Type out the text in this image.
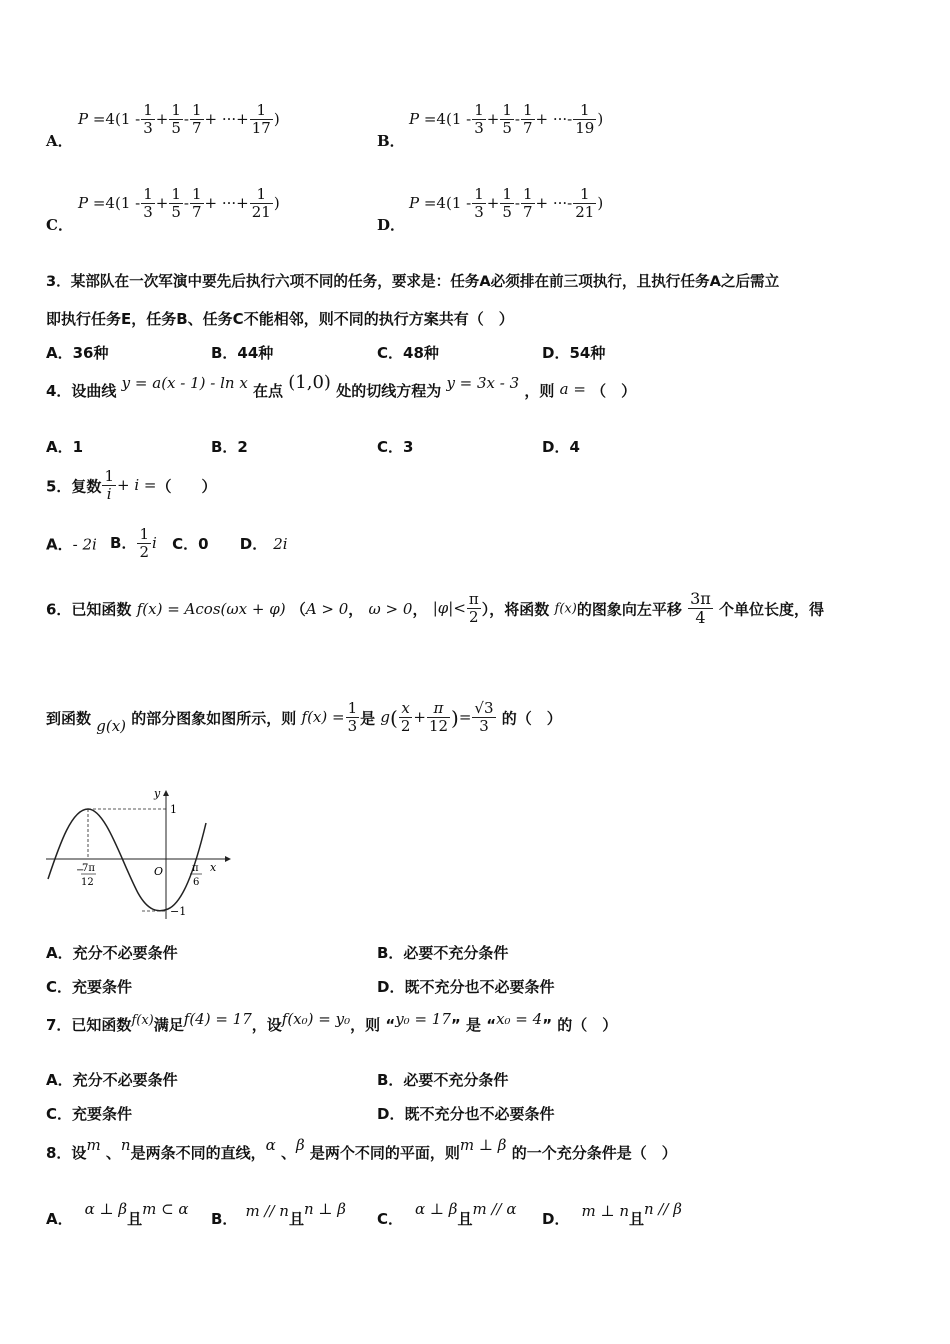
A．
$P =4(1 - \frac{1}{3} + \frac{1}{5} - \frac{1}{7}$ + ···+ $\frac{1}{17}$ )
B．
$P =4(1 - \frac{1}{3} + \frac{1}{5} - \frac{1}{7}$ + ···- $\frac{1}{19}$ )
C．
$P =4(1 - \frac{1}{3} + \frac{1}{5} - \frac{1}{7}$ + ···+ $\frac{1}{21}$ )
D．
$P =4(1 - \frac{1}{3} + \frac{1}{5} - \frac{1}{7}$ + ···- $\frac{1}{21}$ )
3．某部队在一次军演中要先后执行六项不同的任务，要求是：任务A必须排在前三项执行，且执行任务A之后需立
即执行任务E，任务B、任务C不能相邻，则不同的执行方案共有（　）
A．36种	B．44种	C．48种	D．54种
4．设曲线 y = a(x - 1) - ln x 在点 (1,0) 处的切线方程为 y = 3x - 3 ，则 a = （　）
A．1	B．2	C．3	D．4
5．复数 $\frac{1}{i} + i$ =（　　）
A．- 2i B． $\frac{1}{2}$ i C．0 D． 2i
6．已知函数 f(x) = Acos(ωx + φ) （A > 0， ω > 0， $|\varphi|< \frac{\pi}{2}$ ），将函数 f(x)的图象向左平移 $\frac{3\pi}{4}$ 个单位长度，得
到函数 g(x) 的部分图象如图所示，则 $f(x) = \frac{1}{3}$ 是 $g( \frac{x}{2} + \frac{\pi}{12}$ )= $\frac{√3}{3}$ 的（　）
y
x
O
1
−1
−
7π
12
π
6
A．充分不必要条件	B．必要不充分条件
C．充要条件	D．既不充分也不必要条件
7．已知函数f(x)满足f(4) = 17，设f(x₀) = y₀，则 “y₀ = 17” 是 “x₀ = 4” 的（　）
A．充分不必要条件	B．必要不充分条件
C．充要条件	D．既不充分也不必要条件
8．设m 、n是两条不同的直线，α 、β 是两个不同的平面，则m ⊥ β 的一个充分条件是（　）
A．α ⊥ β且m ⊂ α
B． m // n且n ⊥ β
C．α ⊥ β且m // α
D． m ⊥ n且n // β
